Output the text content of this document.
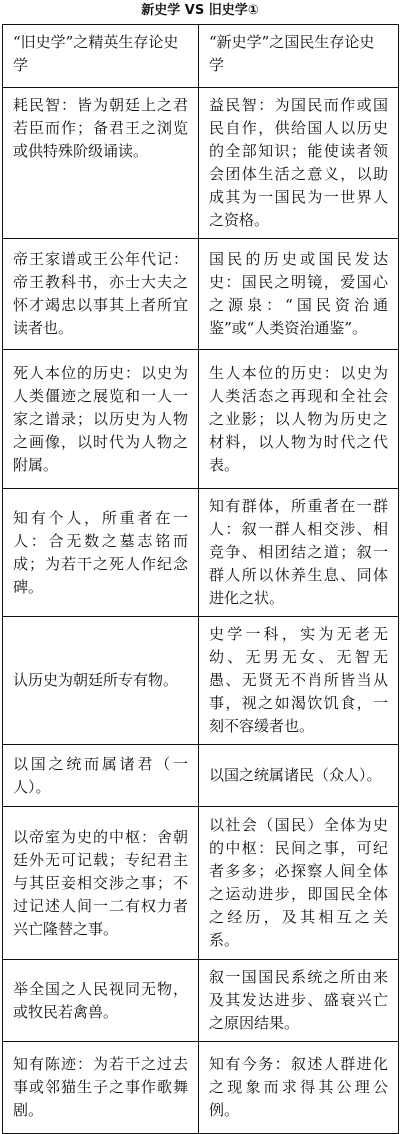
新史学 VS 旧史学①
“旧史学”之精英生存论史学	“新史学”之国民生存论史学
耗民智：皆为朝廷上之君若臣而作；备君王之浏览或供特殊阶级诵读。	益民智：为国民而作或国民自作，供给国人以历史的全部知识；能使读者领会团体生活之意义，以助成其为一国民为一世界人之资格。
帝王家谱或王公年代记：帝王教科书，亦士大夫之怀才竭忠以事其上者所宜读者也。	国民的历史或国民发达史：国民之明镜，爱国心之源泉：“国民资治通鉴”或“人类资治通鉴”。
死人本位的历史：以史为人类僵迹之展览和一人一家之谱录；以历史为人物之画像，以时代为人物之附属。	生人本位的历史：以史为人类活态之再现和全社会之业影；以人物为历史之材料，以人物为时代之代表。
知有个人，所重者在一人：合无数之墓志铭而成；为若干之死人作纪念碑。	知有群体，所重者在一群人：叙一群人相交涉、相竞争、相团结之道；叙一群人所以休养生息、同体进化之状。
认历史为朝廷所专有物。	史学一科，实为无老无幼、无男无女、无智无愚、无贤无不肖所皆当从事，视之如渴饮饥食，一刻不容缓者也。
以国之统而属诸君（一人）。	以国之统属诸民（众人）。
以帝室为史的中枢：舍朝廷外无可记载；专纪君主与其臣妾相交涉之事；不过记述人间一二有权力者兴亡隆替之事。	以社会（国民）全体为史的中枢：民间之事，可纪者多多；必探察人间全体之运动进步，即国民全体之经历，及其相互之关系。
举全国之人民视同无物，或牧民若禽兽。	叙一国国民系统之所由来及其发达进步、盛衰兴亡之原因结果。
知有陈迹：为若干之过去事或邻猫生子之事作歌舞剧。	知有今务：叙述人群进化之现象而求得其公理公例。
